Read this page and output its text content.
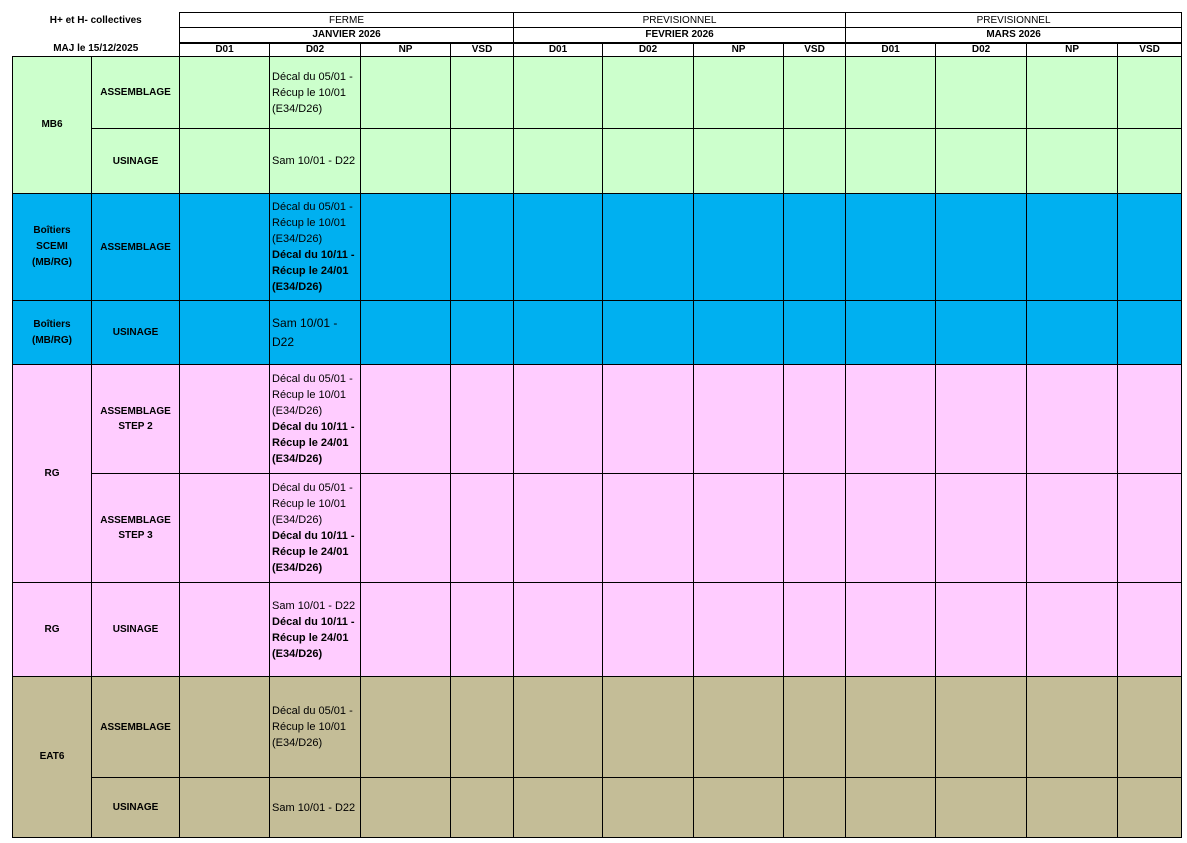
H+ et H- collectives		FERME				PREVISIONNEL				PREVISIONNEL			
MAJ le 15/12/2025		JANVIER 2026				FEVRIER 2026				MARS 2026			
		D01	D02	NP	VSD	D01	D02	NP	VSD	D01	D02	NP	VSD
MB6	ASSEMBLAGE		Décal du 05/01 - Récup le 10/01 (E34/D26)										

	USINAGE		Sam 10/01 - D22										

Boîtiers SCEMI (MB/RG)	ASSEMBLAGE		Décal du 05/01 - Récup le 10/01 (E34/D26)
Décal du 10/11 - Récup le 24/01 (E34/D26)										

Boîtiers (MB/RG)	USINAGE		Sam 10/01 - D22										

RG	ASSEMBLAGE STEP 2		Décal du 05/01 - Récup le 10/01 (E34/D26)
Décal du 10/11 - Récup le 24/01 (E34/D26)										

	ASSEMBLAGE STEP 3		Décal du 05/01 - Récup le 10/01 (E34/D26)
Décal du 10/11 - Récup le 24/01 (E34/D26)										

RG	USINAGE		Sam 10/01 - D22
Décal du 10/11 - Récup le 24/01 (E34/D26)										

EAT6	ASSEMBLAGE		Décal du 05/01 - Récup le 10/01 (E34/D26)										

	USINAGE		Sam 10/01 - D22										
